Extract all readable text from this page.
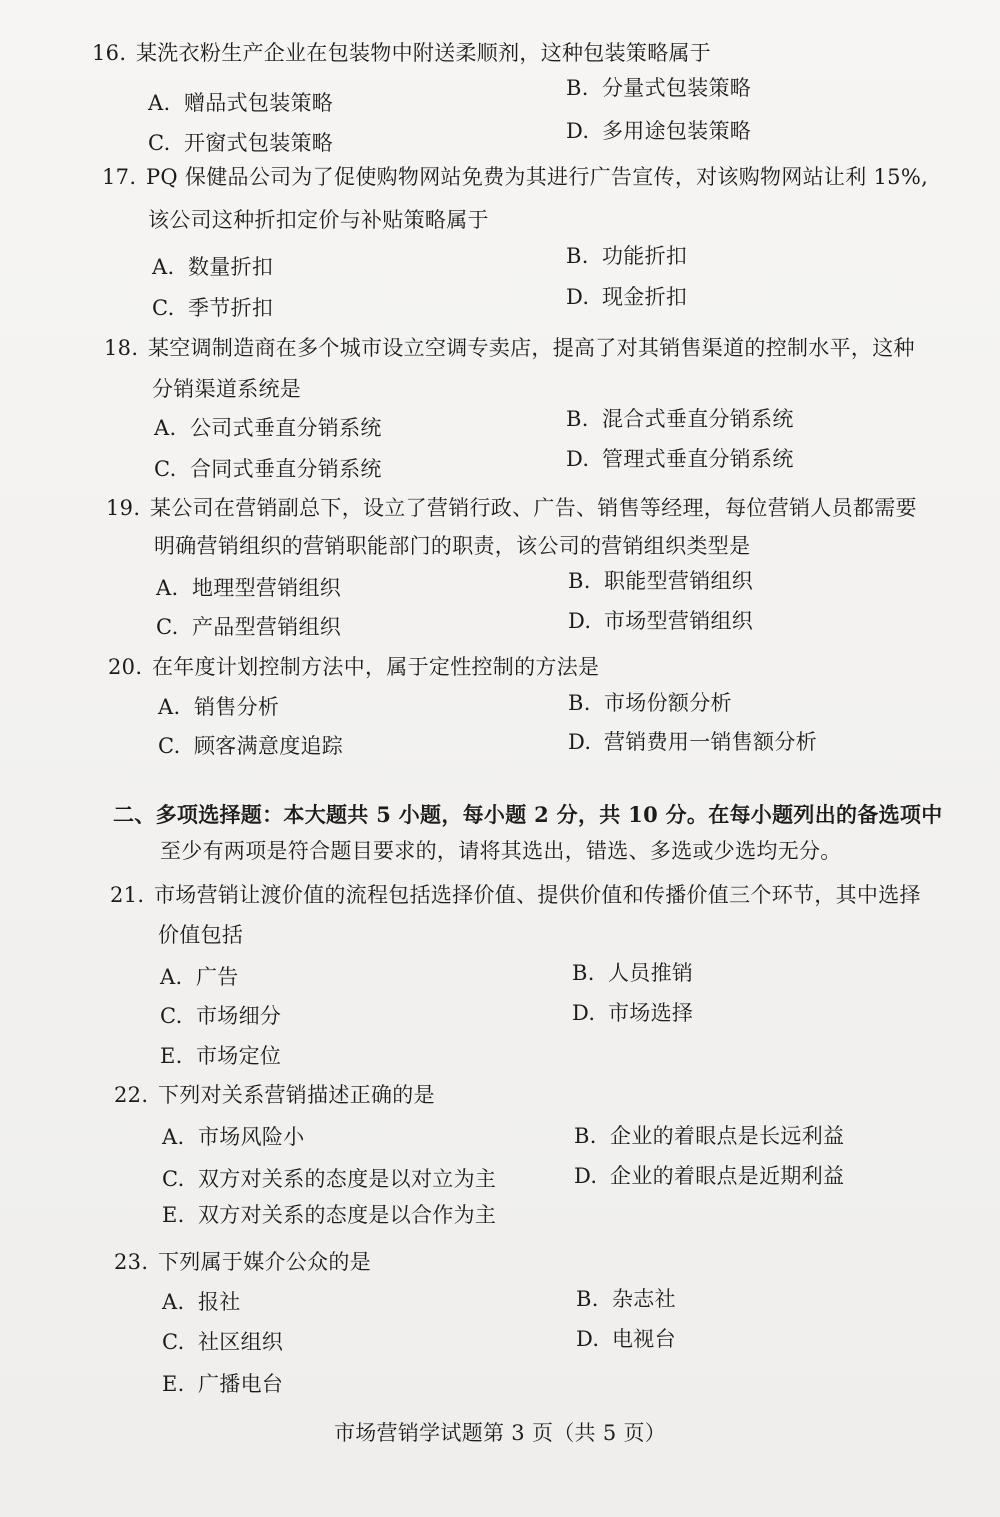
16. 某洗衣粉生产企业在包装物中附送柔顺剂，这种包装策略属于
A. 赠品式包装策略
B. 分量式包装策略
C. 开窗式包装策略	D. 多用途包装策略
17. PQ 保健品公司为了促使购物网站免费为其进行广告宣传，对该购物网站让利 15%,
该公司这种折扣定价与补贴策略属于
A. 数量折扣	B. 功能折扣
C. 季节折扣	D. 现金折扣
18. 某空调制造商在多个城市设立空调专卖店，提高了对其销售渠道的控制水平，这种
分销渠道系统是
A. 公司式垂直分销系统	B. 混合式垂直分销系统
C. 合同式垂直分销系统	D. 管理式垂直分销系统
19. 某公司在营销副总下，设立了营销行政、广告、销售等经理，每位营销人员都需要
明确营销组织的营销职能部门的职责，该公司的营销组织类型是
A. 地理型营销组织	B. 职能型营销组织
C. 产品型营销组织	D. 市场型营销组织
20. 在年度计划控制方法中，属于定性控制的方法是
A. 销售分析	B. 市场份额分析
C. 顾客满意度追踪	D. 营销费用一销售额分析
二、多项选择题：本大题共 5 小题，每小题 2 分，共 10 分。在每小题列出的备选项中
至少有两项是符合题目要求的，请将其选出，错选、多选或少选均无分。
21. 市场营销让渡价值的流程包括选择价值、提供价值和传播价值三个环节，其中选择
价值包括
A. 广告	B. 人员推销
C. 市场细分	D. 市场选择
E. 市场定位
22. 下列对关系营销描述正确的是
A. 市场风险小	B. 企业的着眼点是长远利益
C. 双方对关系的态度是以对立为主	D. 企业的着眼点是近期利益
E. 双方对关系的态度是以合作为主
23. 下列属于媒介公众的是
A. 报社	B. 杂志社
C. 社区组织	D. 电视台
E. 广播电台
市场营销学试题第 3 页（共 5 页）
